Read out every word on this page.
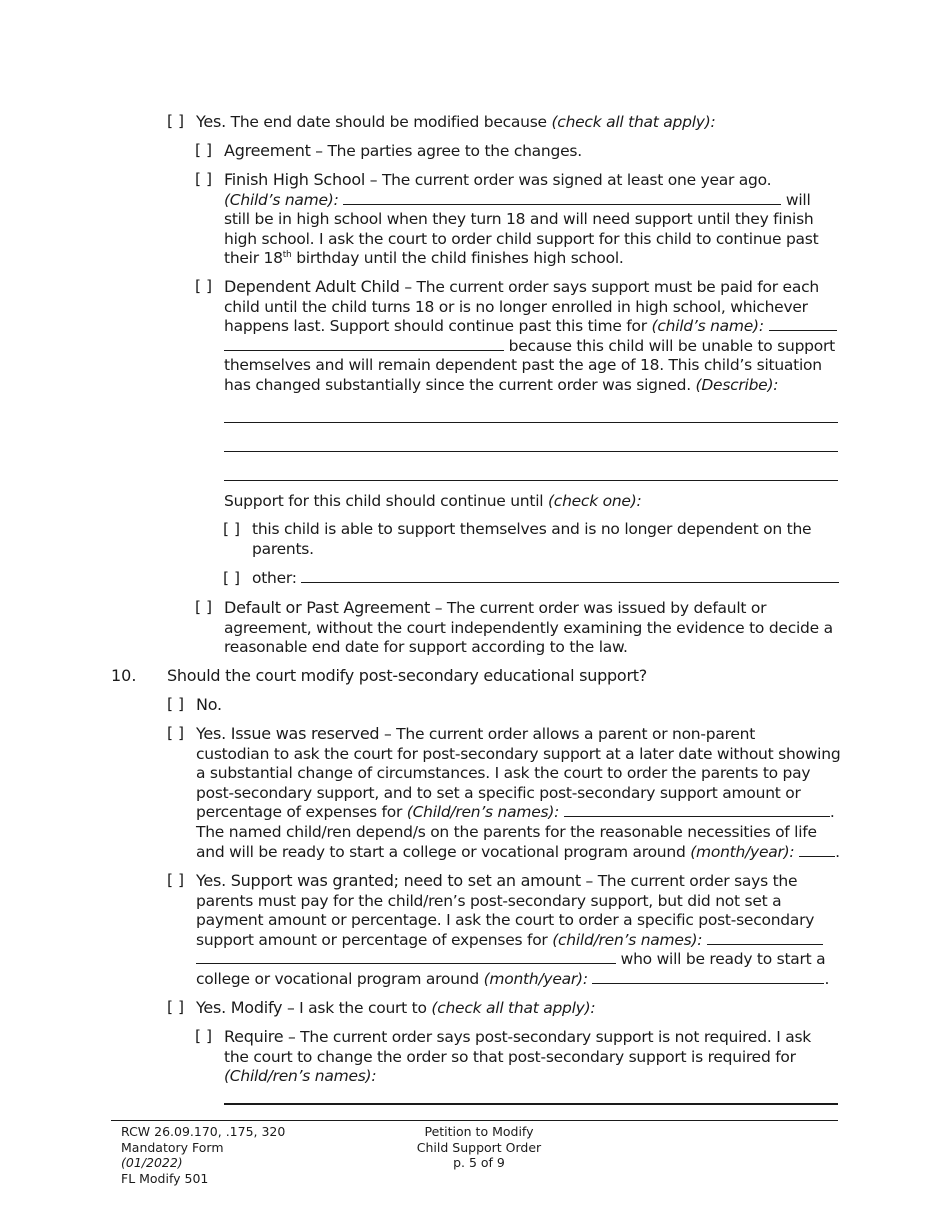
[ ] Yes. The end date should be modified because (check all that apply):
[ ] Agreement – The parties agree to the changes.
[ ] Finish High School – The current order was signed at least one year ago.
(Child’s name):	will
still be in high school when they turn 18 and will need support until they finish
high school. I ask the court to order child support for this child to continue past
their 18th birthday until the child finishes high school.
[ ] Dependent Adult Child – The current order says support must be paid for each
child until the child turns 18 or is no longer enrolled in high school, whichever
happens last. Support should continue past this time for (child’s name):
because this child will be unable to support
themselves and will remain dependent past the age of 18. This child’s situation
has changed substantially since the current order was signed. (Describe):
Support for this child should continue until (check one):
[ ] this child is able to support themselves and is no longer dependent on the
parents.
[ ] other:
[ ] Default or Past Agreement – The current order was issued by default or
agreement, without the court independently examining the evidence to decide a
reasonable end date for support according to the law.
10. Should the court modify post-secondary educational support?
[ ] No.
[ ] Yes. Issue was reserved – The current order allows a parent or non-parent
custodian to ask the court for post-secondary support at a later date without showing
a substantial change of circumstances. I ask the court to order the parents to pay
post-secondary support, and to set a specific post-secondary support amount or
percentage of expenses for (Child/ren’s names):	.
The named child/ren depend/s on the parents for the reasonable necessities of life
and will be ready to start a college or vocational program around (month/year):	.
[ ] Yes. Support was granted; need to set an amount – The current order says the
parents must pay for the child/ren’s post-secondary support, but did not set a
payment amount or percentage. I ask the court to order a specific post-secondary
support amount or percentage of expenses for (child/ren’s names):
who will be ready to start a
college or vocational program around (month/year):	.
[ ] Yes. Modify – I ask the court to (check all that apply):
[ ] Require – The current order says post-secondary support is not required. I ask
the court to change the order so that post-secondary support is required for
(Child/ren’s names):
RCW 26.09.170, .175, 320
Mandatory Form
(01/2022)
FL Modify 501
Petition to Modify
Child Support Order
p. 5 of 9
